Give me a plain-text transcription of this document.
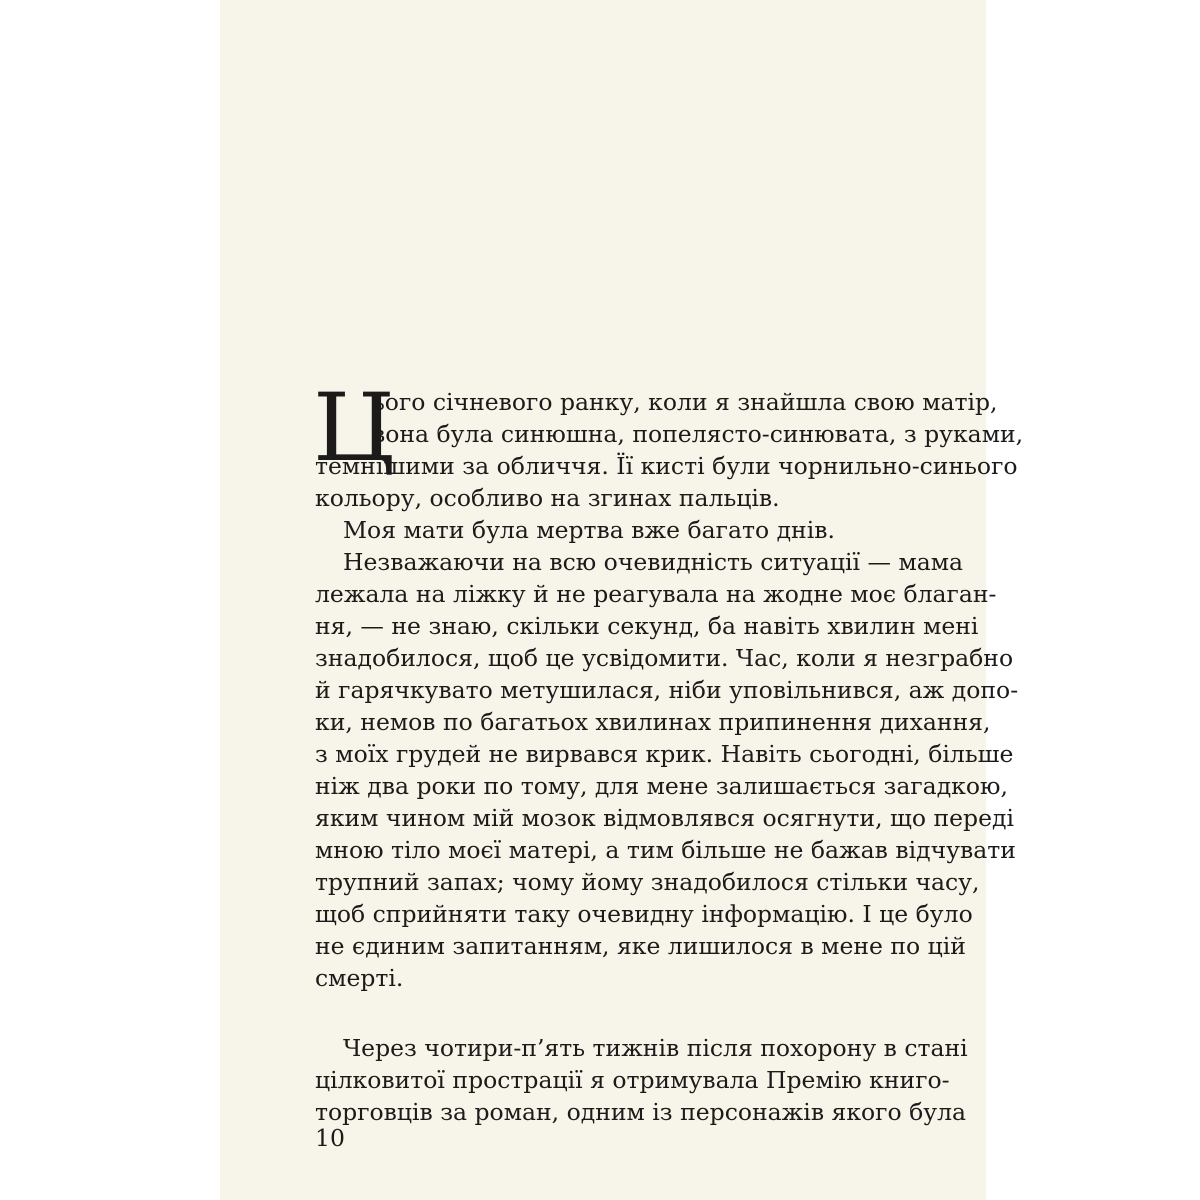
Ц
ього січневого ранку, коли я знайшла свою матір,
вона була синюшна, попелясто-синювата, з руками,
темнішими за обличчя. Її кисті були чорнильно-синього
кольору, особливо на згинах пальців.
Моя мати була мертва вже багато днів.
Незважаючи на всю очевидність ситуації — мама
лежала на ліжку й не реагувала на жодне моє благан-
ня, — не знаю, скільки секунд, ба навіть хвилин мені
знадобилося, щоб це усвідомити. Час, коли я незграбно
й гарячкувато метушилася, ніби уповільнився, аж допо-
ки, немов по багатьох хвилинах припинення дихання,
з моїх грудей не вирвався крик. Навіть сьогодні, більше
ніж два роки по тому, для мене залишається загадкою,
яким чином мій мозок відмовлявся осягнути, що переді
мною тіло моєї матері, а тим більше не бажав відчувати
трупний запах; чому йому знадобилося стільки часу,
щоб сприйняти таку очевидну інформацію. І це було
не єдиним запитанням, яке лишилося в мене по цій
смерті.
Через чотири-п’ять тижнів після похорону в стані
цілковитої прострації я отримувала Премію книго-
торговців за роман, одним із персонажів якого була
10
